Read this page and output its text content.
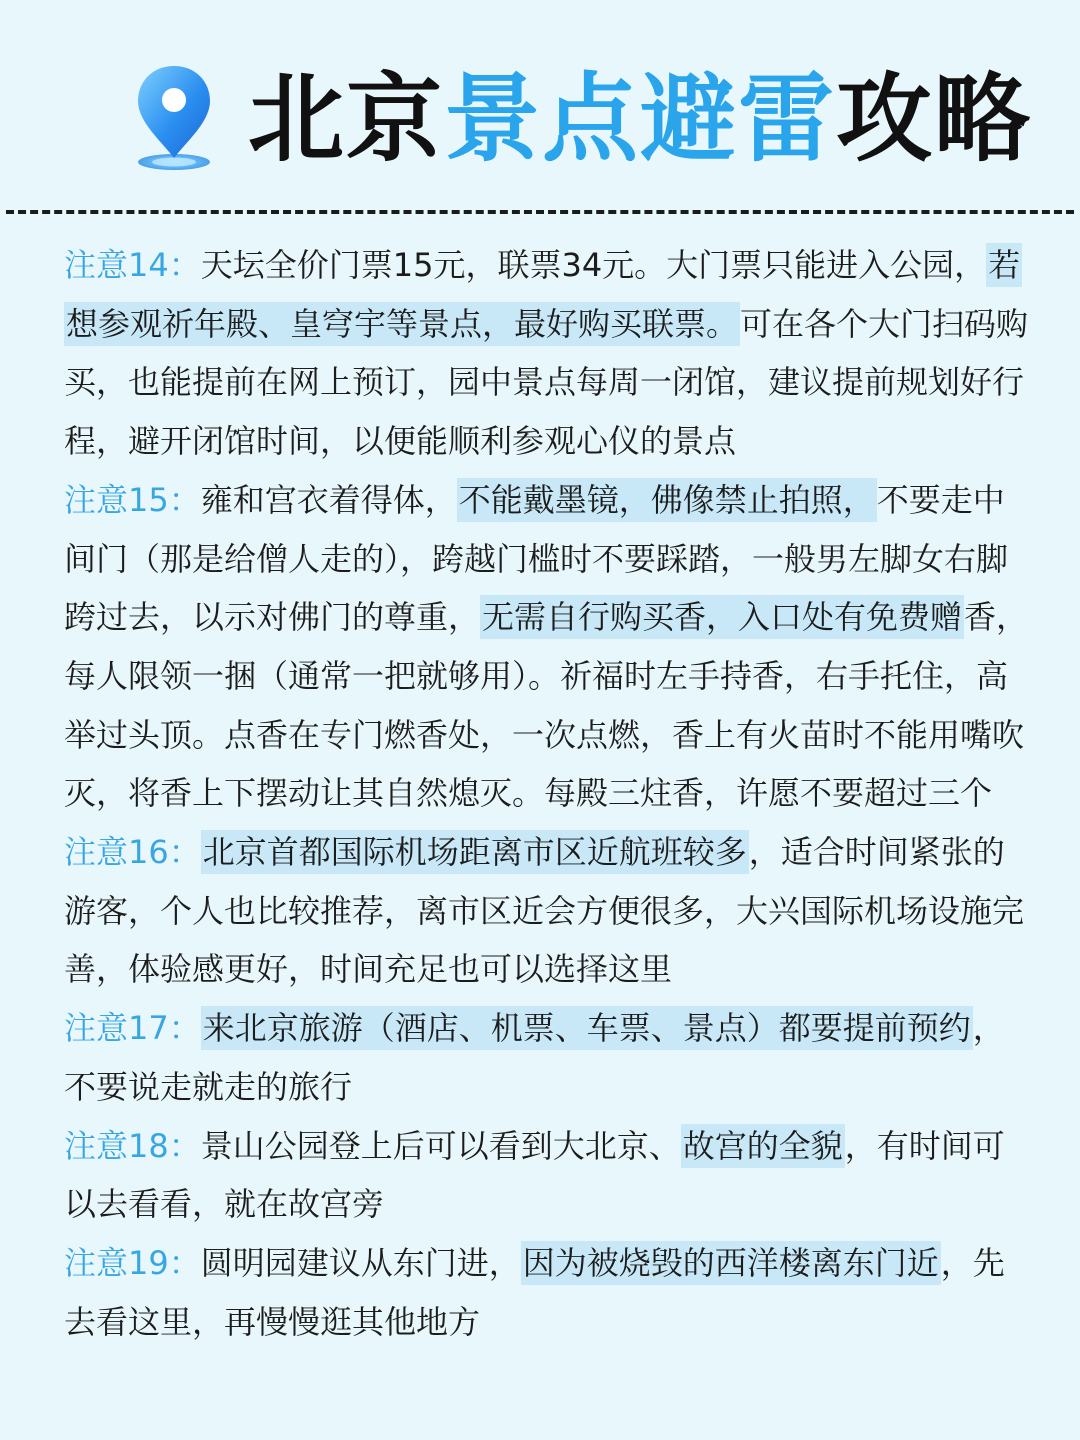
北京景点避雷攻略

注意14：天坛全价门票15元，联票34元。大门票只能进入公园，若想参观祈年殿、皇穹宇等景点，最好购买联票。可在各个大门扫码购买，也能提前在网上预订，园中景点每周一闭馆，建议提前规划好行程，避开闭馆时间，以便能顺利参观心仪的景点

注意15：雍和宫衣着得体，不能戴墨镜，佛像禁止拍照，不要走中间门（那是给僧人走的），跨越门槛时不要踩踏，一般男左脚女右脚跨过去，以示对佛门的尊重，无需自行购买香，入口处有免费赠香，每人限领一捆（通常一把就够用）。祈福时左手持香，右手托住，高举过头顶。点香在专门燃香处，一次点燃，香上有火苗时不能用嘴吹灭，将香上下摆动让其自然熄灭。每殿三炷香，许愿不要超过三个

注意16：北京首都国际机场距离市区近航班较多，适合时间紧张的游客，个人也比较推荐，离市区近会方便很多，大兴国际机场设施完善，体验感更好，时间充足也可以选择这里

注意17：来北京旅游（酒店、机票、车票、景点）都要提前预约，不要说走就走的旅行

注意18：景山公园登上后可以看到大北京、故宫的全貌，有时间可以去看看，就在故宫旁

注意19：圆明园建议从东门进，因为被烧毁的西洋楼离东门近，先去看这里，再慢慢逛其他地方
